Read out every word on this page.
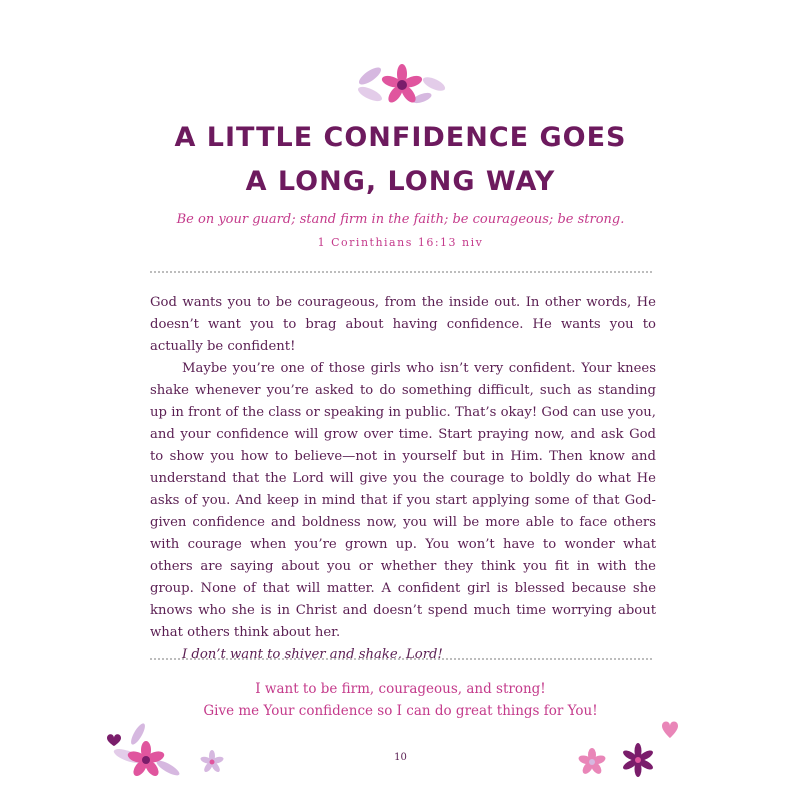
A LITTLE CONFIDENCE GOES
A LONG, LONG WAY
Be on your guard; stand firm in the faith; be courageous; be strong.
1 Corinthians 16:13 niv

God wants you to be courageous, from the inside out. In other words, He doesn’t want you to brag about having confidence. He wants you to actually be confident!

Maybe you’re one of those girls who isn’t very confident. Your knees shake whenever you’re asked to do something difficult, such as standing up in front of the class or speaking in public. That’s okay! God can use you, and your confidence will grow over time. Start praying now, and ask God to show you how to believe—not in yourself but in Him. Then know and understand that the Lord will give you the courage to boldly do what He asks of you. And keep in mind that if you start applying some of that God-given confidence and boldness now, you will be more able to face others with courage when you’re grown up. You won’t have to wonder what others are saying about you or whether they think you fit in with the group. None of that will matter. A confident girl is blessed because she knows who she is in Christ and doesn’t spend much time worrying about what others think about her.

I don’t want to shiver and shake, Lord!

I want to be firm, courageous, and strong!
Give me Your confidence so I can do great things for You!
10
